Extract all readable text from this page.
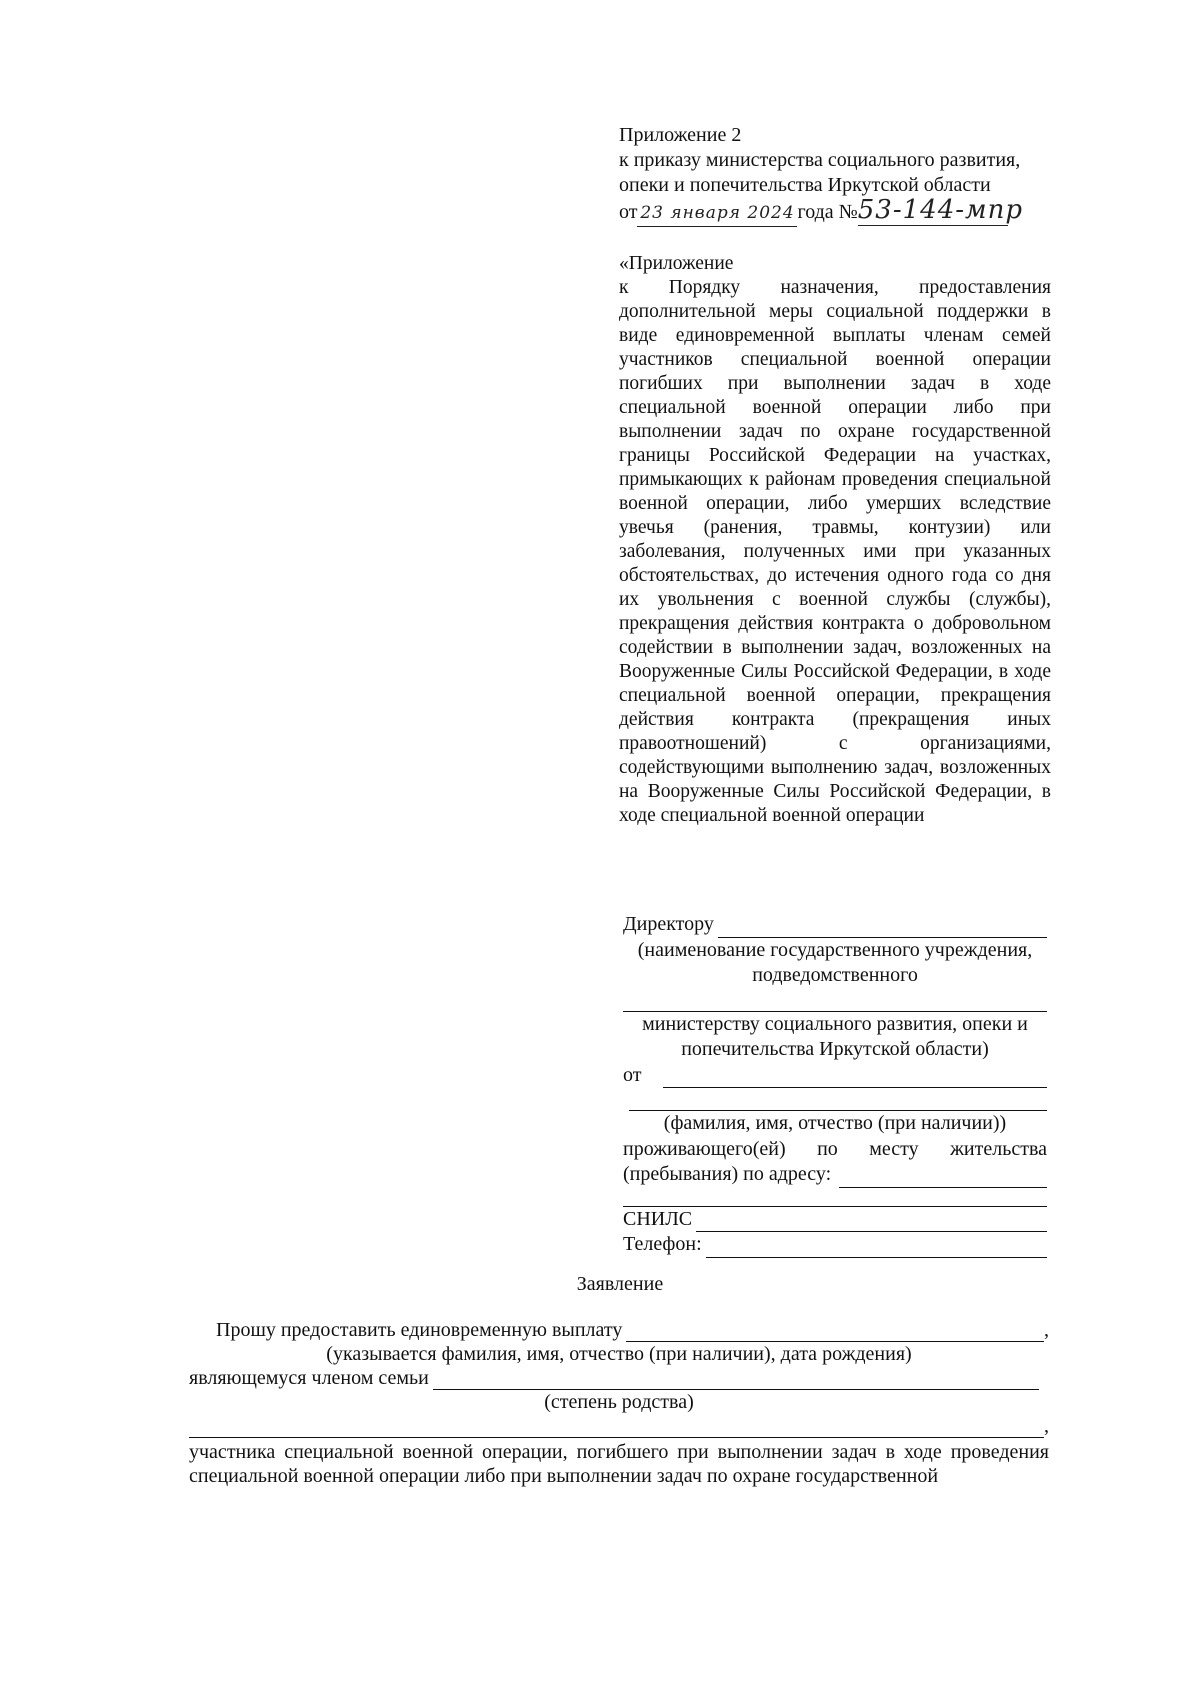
Приложение 2
к приказу министерства социального развития,
опеки и попечительства Иркутской области
от 23 января 2024 года №53-144-мпр

«Приложение

к Порядку назначения, предоставления дополнительной меры социальной поддержки в виде единовременной выплаты членам семей участников специальной военной операции погибших при выполнении задач в ходе специальной военной операции либо при выполнении задач по охране государственной границы Российской Федерации на участках, примыкающих к районам проведения специальной военной операции, либо умерших вследствие увечья (ранения, травмы, контузии) или заболевания, полученных ими при указанных обстоятельствах, до истечения одного года со дня их увольнения с военной службы (службы), прекращения действия контракта о добровольном содействии в выполнении задач, возложенных на Вооруженные Силы Российской Федерации, в ходе специальной военной операции, прекращения действия контракта (прекращения иных правоотношений) с организациями, содействующими выполнению задач, возложенных на Вооруженные Силы Российской Федерации, в ходе специальной военной операции

Директору
(наименование государственного учреждения,
подведомственного
министерству социального развития, опеки и
попечительства Иркутской области)
от
(фамилия, имя, отчество (при наличии))
проживающего(ей) по месту жительства
(пребывания) по адресу:
СНИЛС
Телефон:
Заявление
Прошу предоставить единовременную выплату	,
(указывается фамилия, имя, отчество (при наличии), дата рождения)
являющемуся членом семьи
(степень родства)
,
участника специальной военной операции, погибшего при выполнении задач в ходе проведения специальной военной операции либо при выполнении задач по охране государственной
